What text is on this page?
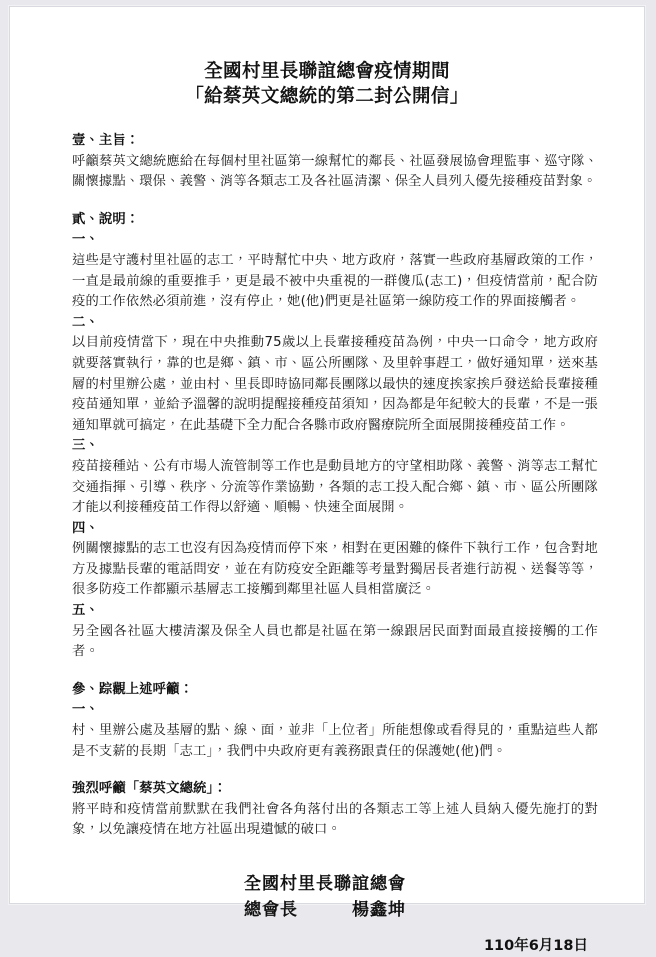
全國村里長聯誼總會疫情期間
「給蔡英文總統的第二封公開信」

壹、主旨：

呼籲蔡英文總統應給在每個村里社區第一線幫忙的鄰長、社區發展協會理監事、巡守隊、關懷據點、環保、義警、消等各類志工及各社區清潔、保全人員列入優先接種疫苗對象。

貳、說明：

一、

這些是守護村里社區的志工，平時幫忙中央、地方政府，落實一些政府基層政策的工作，一直是最前線的重要推手，更是最不被中央重視的一群傻瓜(志工)，但疫情當前，配合防疫的工作依然必須前進，沒有停止，她(他)們更是社區第一線防疫工作的界面接觸者。

二、

以目前疫情當下，現在中央推動75歲以上長輩接種疫苗為例，中央一口命令，地方政府就要落實執行，靠的也是鄉、鎮、市、區公所團隊、及里幹事趕工，做好通知單，送來基層的村里辦公處，並由村、里長即時協同鄰長團隊以最快的速度挨家挨戶發送給長輩接種疫苗通知單，並給予溫馨的說明提醒接種疫苗須知，因為都是年紀較大的長輩，不是一張通知單就可搞定，在此基礎下全力配合各縣市政府醫療院所全面展開接種疫苗工作。

三、

疫苗接種站、公有市場人流管制等工作也是動員地方的守望相助隊、義警、消等志工幫忙交通指揮、引導、秩序、分流等作業協勤，各類的志工投入配合鄉、鎮、市、區公所團隊才能以利接種疫苗工作得以舒適、順暢、快速全面展開。

四、

例關懷據點的志工也沒有因為疫情而停下來，相對在更困難的條件下執行工作，包含對地方及據點長輩的電話問安，並在有防疫安全距離等考量對獨居長者進行訪視、送餐等等，很多防疫工作都顯示基層志工接觸到鄰里社區人員相當廣泛。

五、

另全國各社區大樓清潔及保全人員也都是社區在第一線跟居民面對面最直接接觸的工作者。

參、踪觀上述呼籲：

一、

村、里辦公處及基層的點、線、面，並非「上位者」所能想像或看得見的，重點這些人都是不支薪的長期「志工」，我們中央政府更有義務跟責任的保護她(他)們。

強烈呼籲「蔡英文總統」：

將平時和疫情當前默默在我們社會各角落付出的各類志工等上述人員納入優先施打的對象，以免讓疫情在地方社區出現遺憾的破口。

全國村里長聯誼總會

總會長　　　	楊鑫坤

110年6月18日
